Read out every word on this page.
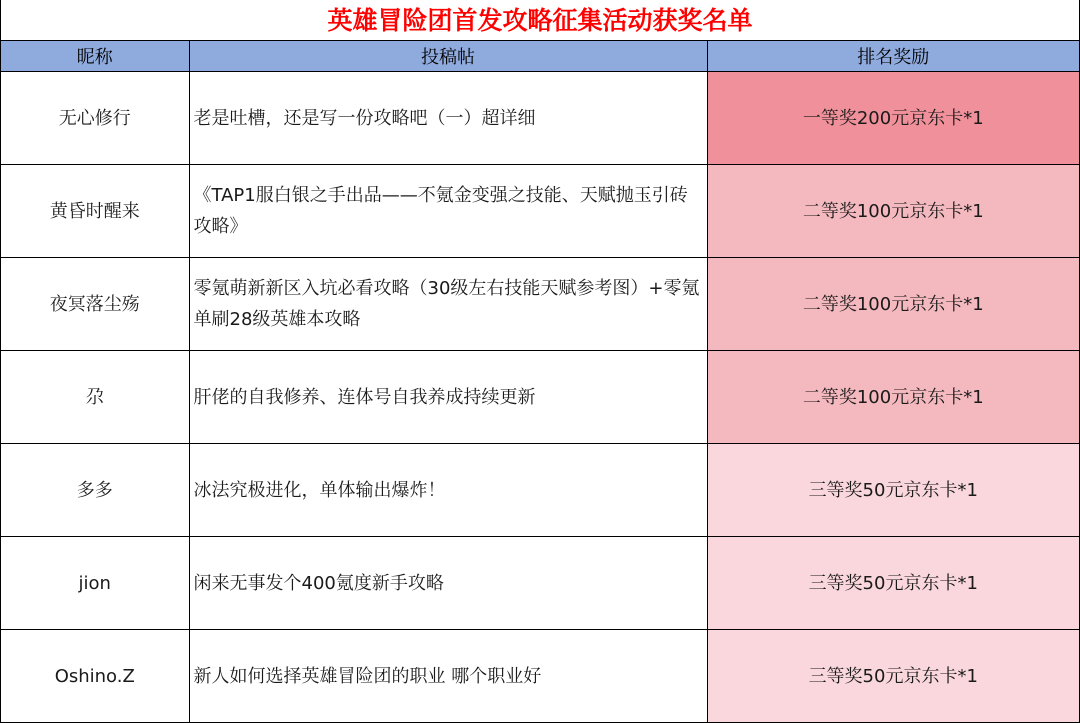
英雄冒险团首发攻略征集活动获奖名单
昵称	投稿帖	排名奖励
无心修行	老是吐槽，还是写一份攻略吧（一）超详细	一等奖200元京东卡*1
黄昏时醒来	《TAP1服白银之手出品——不氪金变强之技能、天赋抛玉引砖攻略》	二等奖100元京东卡*1
夜冥落尘殇	零氪萌新新区入坑必看攻略（30级左右技能天赋参考图）+零氪单刷28级英雄本攻略	二等奖100元京东卡*1
尕	肝佬的自我修养、连体号自我养成持续更新	二等奖100元京东卡*1
多多	冰法究极进化，单体输出爆炸！	三等奖50元京东卡*1
jion	闲来无事发个400氪度新手攻略	三等奖50元京东卡*1
Oshino.Z	新人如何选择英雄冒险团的职业 哪个职业好	三等奖50元京东卡*1
